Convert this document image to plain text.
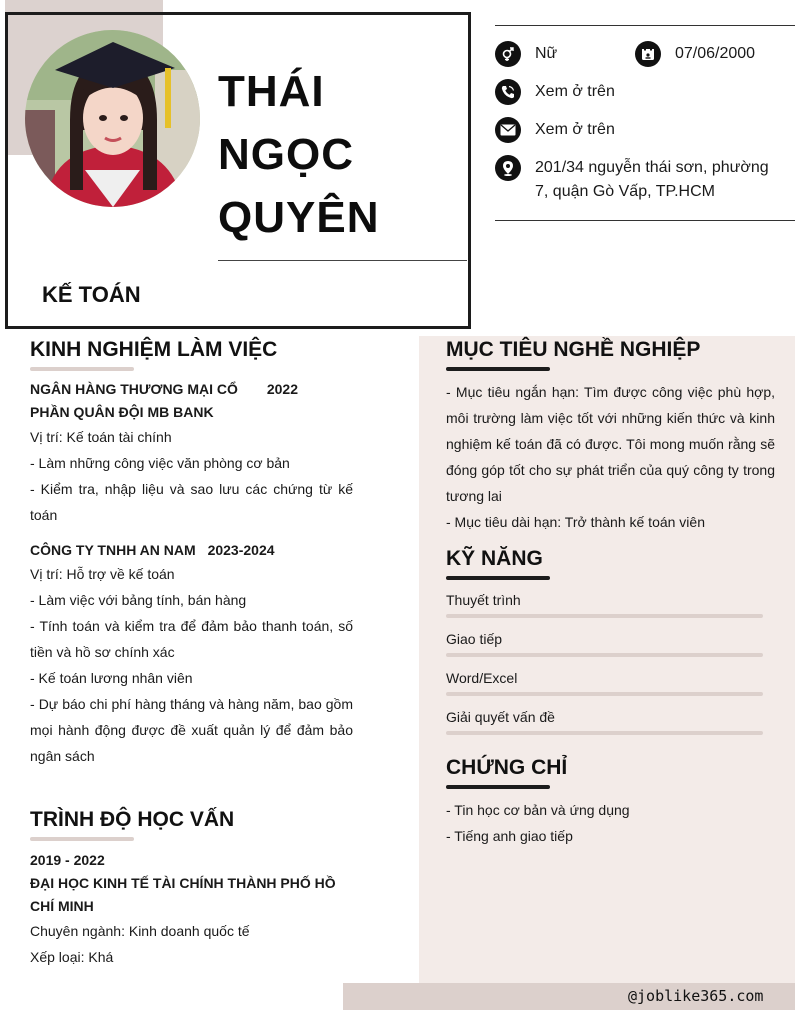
THÁI
NGỌC
QUYÊN
KẾ TOÁN
Nữ	07/06/2000
Xem ở trên
Xem ở trên
201/34 nguyễn thái sơn, phường
7, quận Gò Vấp, TP.HCM
KINH NGHIỆM LÀM VIỆC
NGÂN HÀNG THƯƠNG MẠI CỔ
PHẦN QUÂN ĐỘI MB BANK
2022
Vị trí: Kế toán tài chính
- Làm những công việc văn phòng cơ bản
- Kiểm tra, nhập liệu và sao lưu các chứng từ kế toán
CÔNG TY TNHH AN NAM 2023-2024
Vị trí: Hỗ trợ về kế toán
- Làm việc với bảng tính, bán hàng
- Tính toán và kiểm tra để đảm bảo thanh toán, số tiền và hồ sơ chính xác
- Kế toán lương nhân viên
- Dự báo chi phí hàng tháng và hàng năm, bao gồm mọi hành động được đề xuất quản lý để đảm bảo ngân sách
TRÌNH ĐỘ HỌC VẤN
2019 - 2022
ĐẠI HỌC KINH TẾ TÀI CHÍNH THÀNH PHỐ HỒ CHÍ MINH
Chuyên ngành: Kinh doanh quốc tế
Xếp loại: Khá
MỤC TIÊU NGHỀ NGHIỆP
- Mục tiêu ngắn hạn: Tìm được công việc phù hợp, môi trường làm việc tốt với những kiến thức và kinh nghiệm kế toán đã có được. Tôi mong muốn rằng sẽ đóng góp tốt cho sự phát triển của quý công ty trong tương lai
- Mục tiêu dài hạn: Trở thành kế toán viên
KỸ NĂNG
Thuyết trình
Giao tiếp
Word/Excel
Giải quyết vấn đề
CHỨNG CHỈ
- Tin học cơ bản và ứng dụng
- Tiếng anh giao tiếp
@joblike365.com
